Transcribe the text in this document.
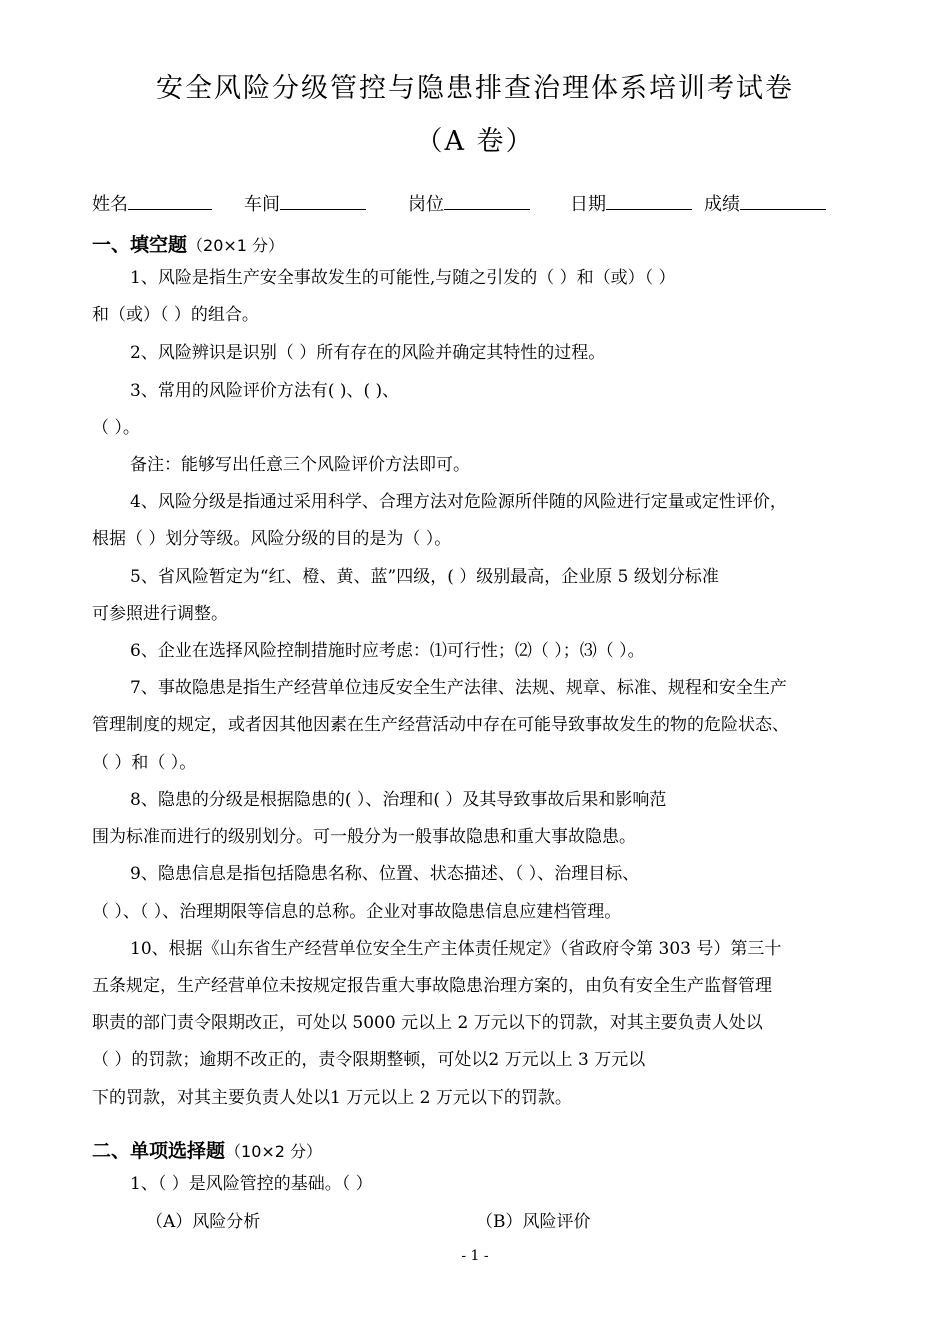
安全风险分级管控与隐患排查治理体系培训考试卷
（A 卷）
姓名	车间	岗位	日期	成绩
一、填空题（20×1 分）
1、风险是指生产安全事故发生的可能性,与随之引发的（ ）和（或）（ ）
和（或）（ ）的组合。
2、风险辨识是识别（ ）所有存在的风险并确定其特性的过程。
3、常用的风险评价方法有( )、( )、
（ ）。
备注：能够写出任意三个风险评价方法即可。
4、风险分级是指通过采用科学、合理方法对危险源所伴随的风险进行定量或定性评价，
根据（ ）划分等级。风险分级的目的是为（ ）。
5、省风险暂定为“红、橙、黄、蓝”四级，( ）级别最高，企业原 5 级划分标准
可参照进行调整。
6、企业在选择风险控制措施时应考虑：⑴可行性；⑵（ ）；⑶（ ）。
7、事故隐患是指生产经营单位违反安全生产法律、法规、规章、标准、规程和安全生产
管理制度的规定，或者因其他因素在生产经营活动中存在可能导致事故发生的物的危险状态、
（ ）和（ ）。
8、隐患的分级是根据隐患的( ）、治理和( ）及其导致事故后果和影响范
围为标准而进行的级别划分。可一般分为一般事故隐患和重大事故隐患。
9、隐患信息是指包括隐患名称、位置、状态描述、（ ）、治理目标、
（ ）、（ ）、治理期限等信息的总称。企业对事故隐患信息应建档管理。
10、根据《山东省生产经营单位安全生产主体责任规定》（省政府令第 303 号）第三十
五条规定，生产经营单位未按规定报告重大事故隐患治理方案的，由负有安全生产监督管理
职责的部门责令限期改正，可处以 5000 元以上 2 万元以下的罚款，对其主要负责人处以
（ ）的罚款；逾期不改正的，责令限期整顿，可处以2 万元以上 3 万元以
下的罚款，对其主要负责人处以1 万元以上 2 万元以下的罚款。
二、单项选择题（10×2 分）
1、（ ）是风险管控的基础。（ ）
（A）风险分析	（B）风险评价
- 1 -
